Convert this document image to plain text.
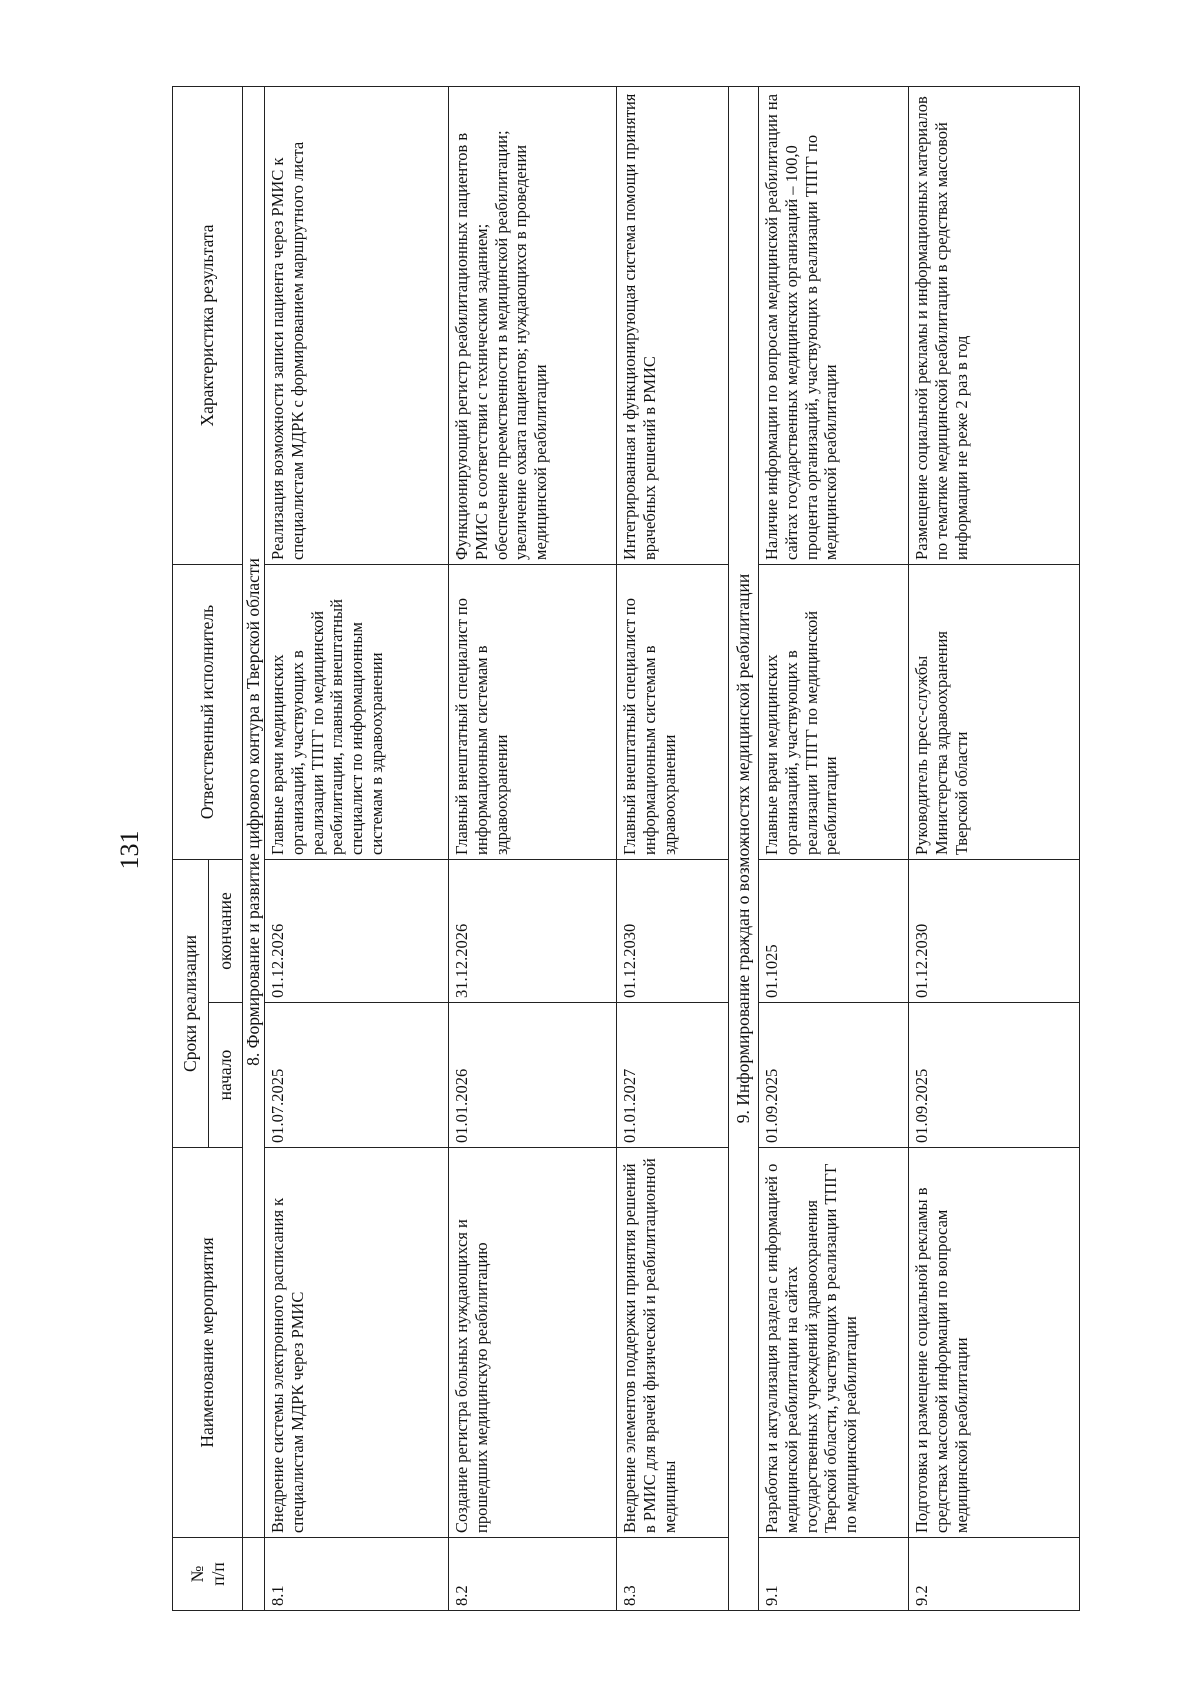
131
№
п/п	Наименование мероприятия	Сроки реализации		Ответственный исполнитель	Характеристика результата
		начало	окончание		
	8. Формирование и развитие цифрового контура в Тверской области				
8.1	Внедрение системы электронного расписания к специалистам МДРК через РМИС	01.07.2025	01.12.2026	Главные врачи медицинских организаций, участвующих в реализации ТПГГ по медицинской реабилитации, главный внештатный специалист по информационным системам в здравоохранении	Реализация возможности записи пациента через РМИС к специалистам МДРК с формированием маршрутного листа
8.2	Создание регистра больных нуждающихся и прошедших медицинскую реабилитацию	01.01.2026	31.12.2026	Главный внештатный специалист по информационным системам в здравоохранении	Функционирующий регистр реабилитационных пациентов в РМИС в соответствии с техническим заданием;
обеспечение преемственности в медицинской реабилитации;
увеличение охвата пациентов; нуждающихся в проведении медицинской реабилитации
8.3	Внедрение элементов поддержки принятия решений в РМИС для врачей физической и реабилитационной медицины	01.01.2027	01.12.2030	Главный внештатный специалист по информационным системам в здравоохранении	Интегрированная и функционирующая система помощи принятия врачебных решений в РМИС
9. Информирование граждан о возможностях медицинской реабилитации					
9.1	Разработка и актуализация раздела с информацией о медицинской реабилитации на сайтах государственных учреждений здравоохранения Тверской области, участвующих в реализации ТПГГ по медицинской реабилитации	01.09.2025	01.1025	Главные врачи медицинских организаций, участвующих в реализации ТПГГ по медицинской реабилитации	Наличие информации по вопросам медицинской реабилитации на сайтах государственных медицинских организаций – 100,0 процента организаций, участвующих в реализации ТПГГ по медицинской реабилитации
9.2	Подготовка и размещение социальной рекламы в средствах массовой информации по вопросам медицинской реабилитации	01.09.2025	01.12.2030	Руководитель пресс-службы Министерства здравоохранения Тверской области	Размещение социальной рекламы и информационных материалов по тематике медицинской реабилитации в средствах массовой информации не реже 2 раз в год
